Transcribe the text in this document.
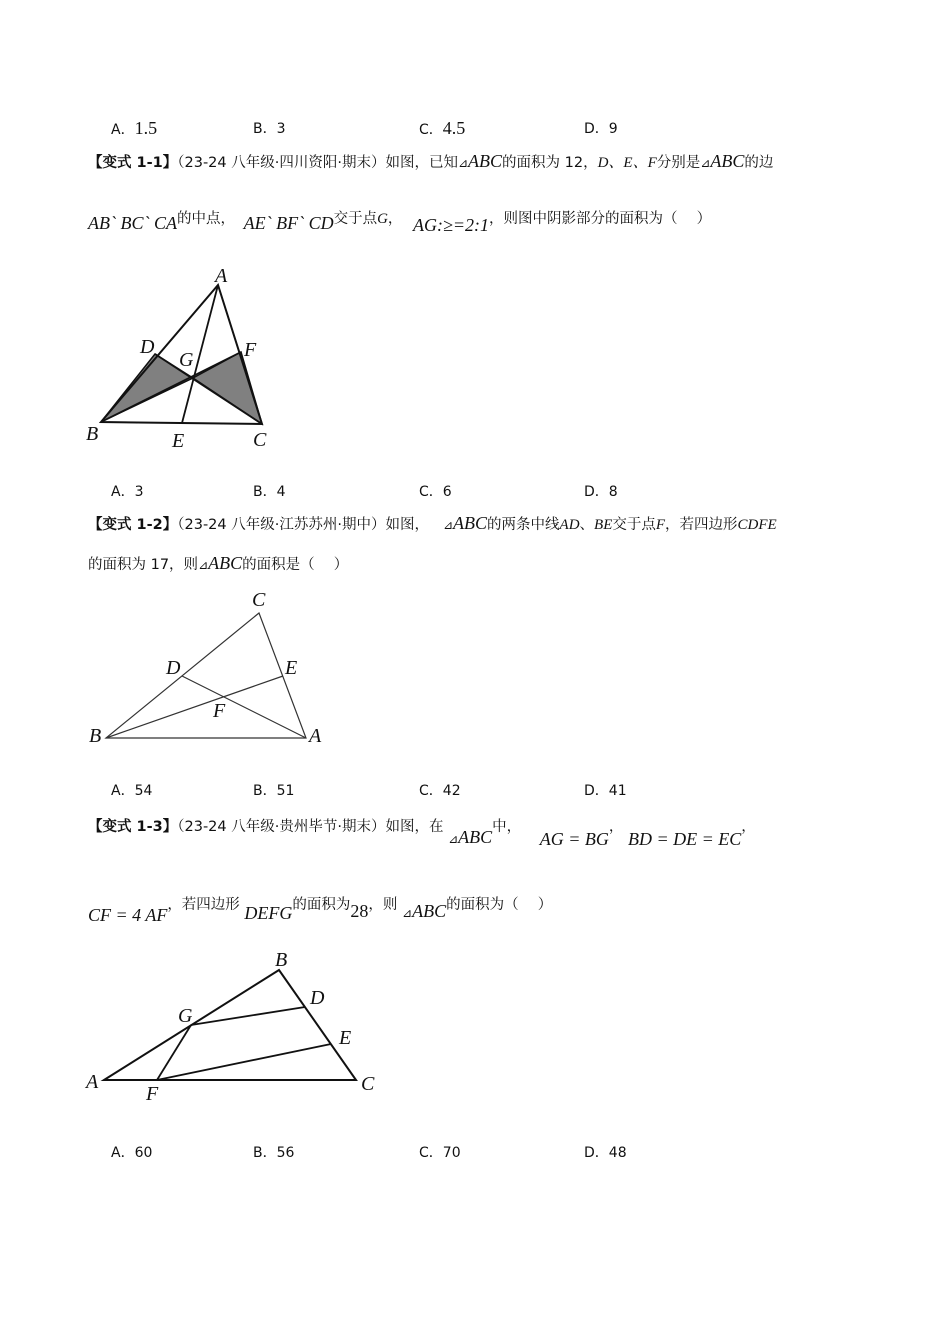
A．1.5	B．3	C．4.5	D．9
【变式 1-1】（23-24 八年级·四川资阳·期末）如图，已知⊿ABC的面积为 12，D、E、F分别是⊿ABC的边
AB` BC` CA的中点， AE` BF` CD交于点G， AG:≥=2:1，则图中阴影部分的面积为（　 ）
A
B	C
D
E
F
G
A．3	B．4	C．6	D．8
【变式 1-2】（23-24 八年级·江苏苏州·期中）如图， ⊿ABC的两条中线AD、BE交于点F，若四边形CDFE
的面积为 17，则⊿ABC的面积是（　 ）
C
B	A
D	E
F
A．54	B．51	C．42	D．41
【变式 1-3】（23-24 八年级·贵州毕节·期末）如图，在 $_⊿$ABC中， AG = BG， BD = DE = EC，
CF = 4 AF，若四边形 DEFG的面积为28，则 $_⊿$ABC的面积为（　 ）
B
A	C
D
E
F
G
A．60	B．56	C．70	D．48
